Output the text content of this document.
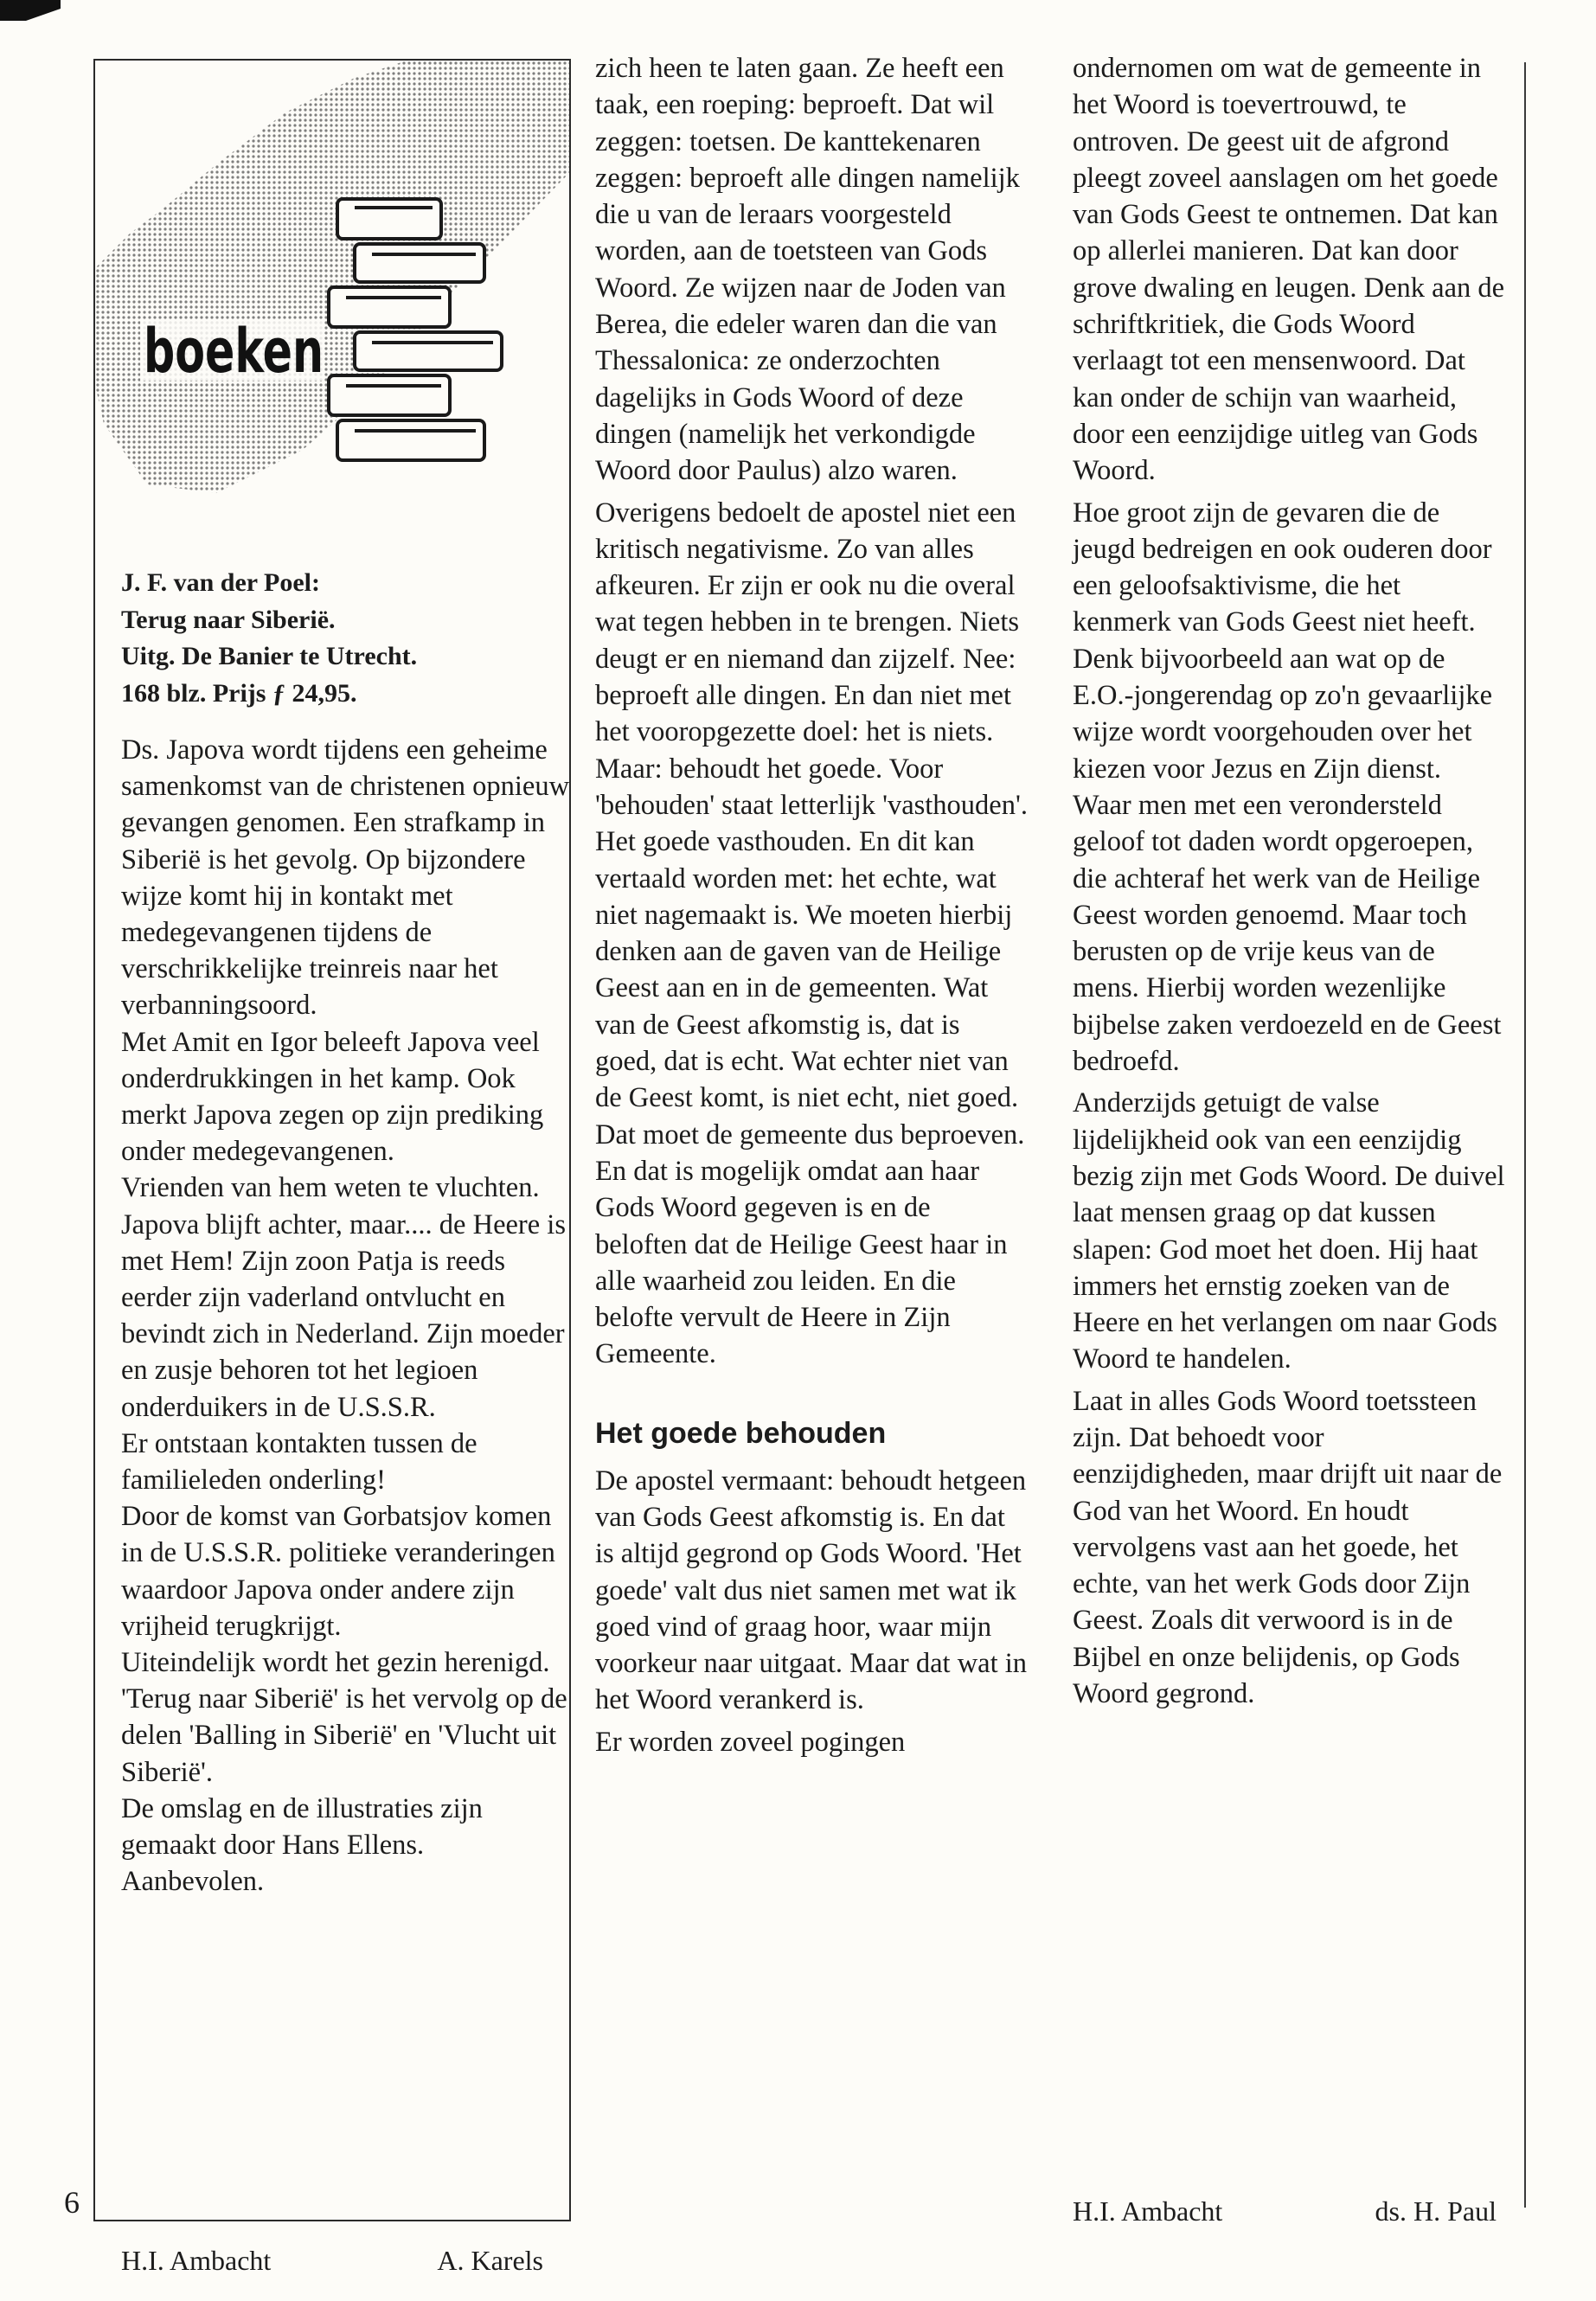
boeken
J. F. van der Poel:
Terug naar Siberië.
Uitg. De Banier te Utrecht.
168 blz. Prijs ƒ 24,95.

Ds. Japova wordt tijdens een geheime samenkomst van de christenen opnieuw gevangen genomen. Een strafkamp in Siberië is het gevolg. Op bijzondere wijze komt hij in kontakt met medegevangenen tijdens de verschrikkelijke treinreis naar het verbanningsoord.

Met Amit en Igor beleeft Japova veel onderdrukkingen in het kamp. Ook merkt Japova zegen op zijn prediking onder medegevangenen.

Vrienden van hem weten te vluchten. Japova blijft achter, maar.... de Heere is met Hem! Zijn zoon Patja is reeds eerder zijn vaderland ontvlucht en bevindt zich in Nederland. Zijn moeder en zusje behoren tot het legioen onderduikers in de U.S.S.R.

Er ontstaan kontakten tussen de familieleden onderling!

Door de komst van Gorbatsjov komen in de U.S.S.R. politieke veranderingen waardoor Japova onder andere zijn vrijheid terugkrijgt.

Uiteindelijk wordt het gezin herenigd.

'Terug naar Siberië' is het vervolg op de delen 'Balling in Siberië' en 'Vlucht uit Siberië'.

De omslag en de illustraties zijn gemaakt door Hans Ellens. Aanbevolen.

H.I. Ambacht	A. Karels
6

zich heen te laten gaan. Ze heeft een taak, een roeping: beproeft. Dat wil zeggen: toetsen. De kanttekenaren zeggen: beproeft alle dingen namelijk die u van de leraars voorgesteld worden, aan de toetsteen van Gods Woord. Ze wijzen naar de Joden van Berea, die edeler waren dan die van Thessalonica: ze onderzochten dagelijks in Gods Woord of deze dingen (namelijk het verkondigde Woord door Paulus) alzo waren.

Overigens bedoelt de apostel niet een kritisch negativisme. Zo van alles afkeuren. Er zijn er ook nu die overal wat tegen hebben in te brengen. Niets deugt er en niemand dan zijzelf. Nee: beproeft alle dingen. En dan niet met het vooropgezette doel: het is niets. Maar: behoudt het goede. Voor 'behouden' staat letterlijk 'vasthouden'. Het goede vasthouden. En dit kan vertaald worden met: het echte, wat niet nagemaakt is. We moeten hierbij denken aan de gaven van de Heilige Geest aan en in de gemeenten. Wat van de Geest afkomstig is, dat is goed, dat is echt. Wat echter niet van de Geest komt, is niet echt, niet goed. Dat moet de gemeente dus beproeven. En dat is mogelijk omdat aan haar Gods Woord gegeven is en de beloften dat de Heilige Geest haar in alle waarheid zou leiden. En die belofte vervult de Heere in Zijn Gemeente.

Het goede behouden

De apostel vermaant: behoudt hetgeen van Gods Geest afkomstig is. En dat is altijd gegrond op Gods Woord. 'Het goede' valt dus niet samen met wat ik goed vind of graag hoor, waar mijn voorkeur naar uitgaat. Maar dat wat in het Woord verankerd is.

Er worden zoveel pogingen

ondernomen om wat de gemeente in het Woord is toevertrouwd, te ontroven. De geest uit de afgrond pleegt zoveel aanslagen om het goede van Gods Geest te ontnemen. Dat kan op allerlei manieren. Dat kan door grove dwaling en leugen. Denk aan de schriftkritiek, die Gods Woord verlaagt tot een mensenwoord. Dat kan onder de schijn van waarheid, door een eenzijdige uitleg van Gods Woord.

Hoe groot zijn de gevaren die de jeugd bedreigen en ook ouderen door een geloofsaktivisme, die het kenmerk van Gods Geest niet heeft. Denk bijvoorbeeld aan wat op de E.O.-jongerendag op zo'n gevaarlijke wijze wordt voorgehouden over het kiezen voor Jezus en Zijn dienst. Waar men met een verondersteld geloof tot daden wordt opgeroepen, die achteraf het werk van de Heilige Geest worden genoemd. Maar toch berusten op de vrije keus van de mens. Hierbij worden wezenlijke bijbelse zaken verdoezeld en de Geest bedroefd.

Anderzijds getuigt de valse lijdelijkheid ook van een eenzijdig bezig zijn met Gods Woord. De duivel laat mensen graag op dat kussen slapen: God moet het doen. Hij haat immers het ernstig zoeken van de Heere en het verlangen om naar Gods Woord te handelen.

Laat in alles Gods Woord toetssteen zijn. Dat behoedt voor eenzijdigheden, maar drijft uit naar de God van het Woord. En houdt vervolgens vast aan het goede, het echte, van het werk Gods door Zijn Geest. Zoals dit verwoord is in de Bijbel en onze belijdenis, op Gods Woord gegrond.

H.I. Ambacht	ds. H. Paul
